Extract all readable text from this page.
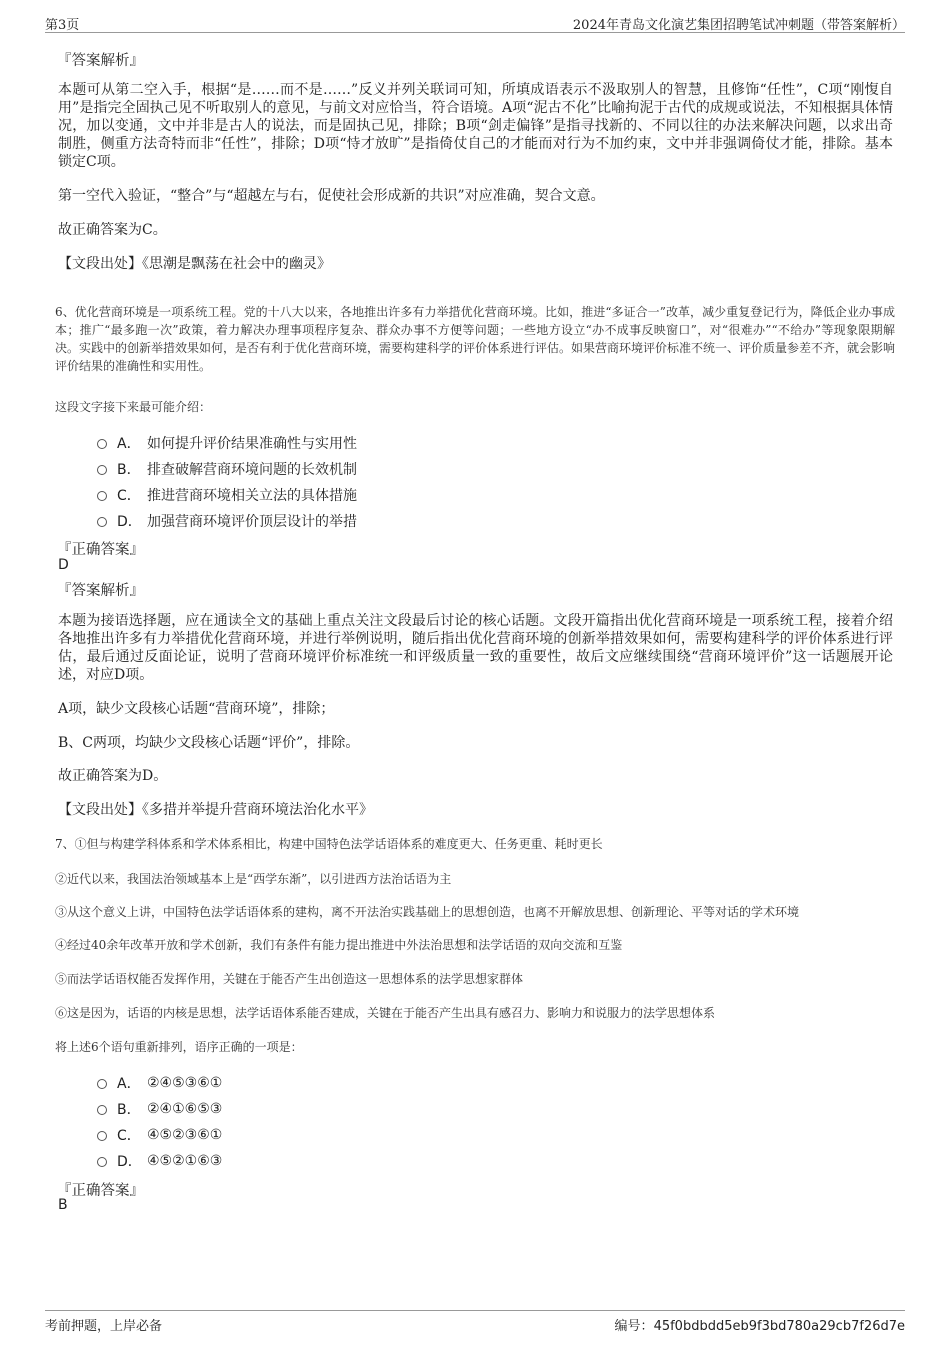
第3页	2024年青岛文化演艺集团招聘笔试冲刺题（带答案解析）
『答案解析』
本题可从第二空入手，根据“是……而不是……”反义并列关联词可知，所填成语表示不汲取别人的智慧，且修饰“任性”，C项“刚愎自用”是指完全固执己见不听取别人的意见，与前文对应恰当，符合语境。A项“泥古不化”比喻拘泥于古代的成规或说法，不知根据具体情况，加以变通，文中并非是古人的说法，而是固执己见，排除；B项“剑走偏锋”是指寻找新的、不同以往的办法来解决问题，以求出奇制胜，侧重方法奇特而非“任性”，排除；D项“恃才放旷”是指倚仗自己的才能而对行为不加约束，文中并非强调倚仗才能，排除。基本锁定C项。
第一空代入验证，“整合”与“超越左与右，促使社会形成新的共识”对应准确，契合文意。
故正确答案为C。
【文段出处】《思潮是飘荡在社会中的幽灵》
6、优化营商环境是一项系统工程。党的十八大以来，各地推出许多有力举措优化营商环境。比如，推进“多证合一”改革，减少重复登记行为，降低企业办事成本；推广“最多跑一次”政策，着力解决办理事项程序复杂、群众办事不方便等问题；一些地方设立“办不成事反映窗口”，对“很难办”“不给办”等现象限期解决。实践中的创新举措效果如何，是否有利于优化营商环境，需要构建科学的评价体系进行评估。如果营商环境评价标准不统一、评价质量参差不齐，就会影响评价结果的准确性和实用性。
这段文字接下来最可能介绍：
A． 如何提升评价结果准确性与实用性
B． 排查破解营商环境问题的长效机制
C． 推进营商环境相关立法的具体措施
D． 加强营商环境评价顶层设计的举措
『正确答案』
D
『答案解析』
本题为接语选择题，应在通读全文的基础上重点关注文段最后讨论的核心话题。文段开篇指出优化营商环境是一项系统工程，接着介绍各地推出许多有力举措优化营商环境，并进行举例说明，随后指出优化营商环境的创新举措效果如何，需要构建科学的评价体系进行评估，最后通过反面论证，说明了营商环境评价标准统一和评级质量一致的重要性，故后文应继续围绕“营商环境评价”这一话题展开论述，对应D项。
A项，缺少文段核心话题“营商环境”，排除；
B、C两项，均缺少文段核心话题“评价”，排除。
故正确答案为D。
【文段出处】《多措并举提升营商环境法治化水平》
7、①但与构建学科体系和学术体系相比，构建中国特色法学话语体系的难度更大、任务更重、耗时更长
②近代以来，我国法治领域基本上是“西学东渐”，以引进西方法治话语为主
③从这个意义上讲，中国特色法学话语体系的建构，离不开法治实践基础上的思想创造，也离不开解放思想、创新理论、平等对话的学术环境
④经过40余年改革开放和学术创新，我们有条件有能力提出推进中外法治思想和法学话语的双向交流和互鉴
⑤而法学话语权能否发挥作用，关键在于能否产生出创造这一思想体系的法学思想家群体
⑥这是因为，话语的内核是思想，法学话语体系能否建成，关键在于能否产生出具有感召力、影响力和说服力的法学思想体系
将上述6个语句重新排列，语序正确的一项是：
A． ②④⑤③⑥①
B． ②④①⑥⑤③
C． ④⑤②③⑥①
D． ④⑤②①⑥③
『正确答案』
B
考前押题，上岸必备	编号：45f0bdbdd5eb9f3bd780a29cb7f26d7e
